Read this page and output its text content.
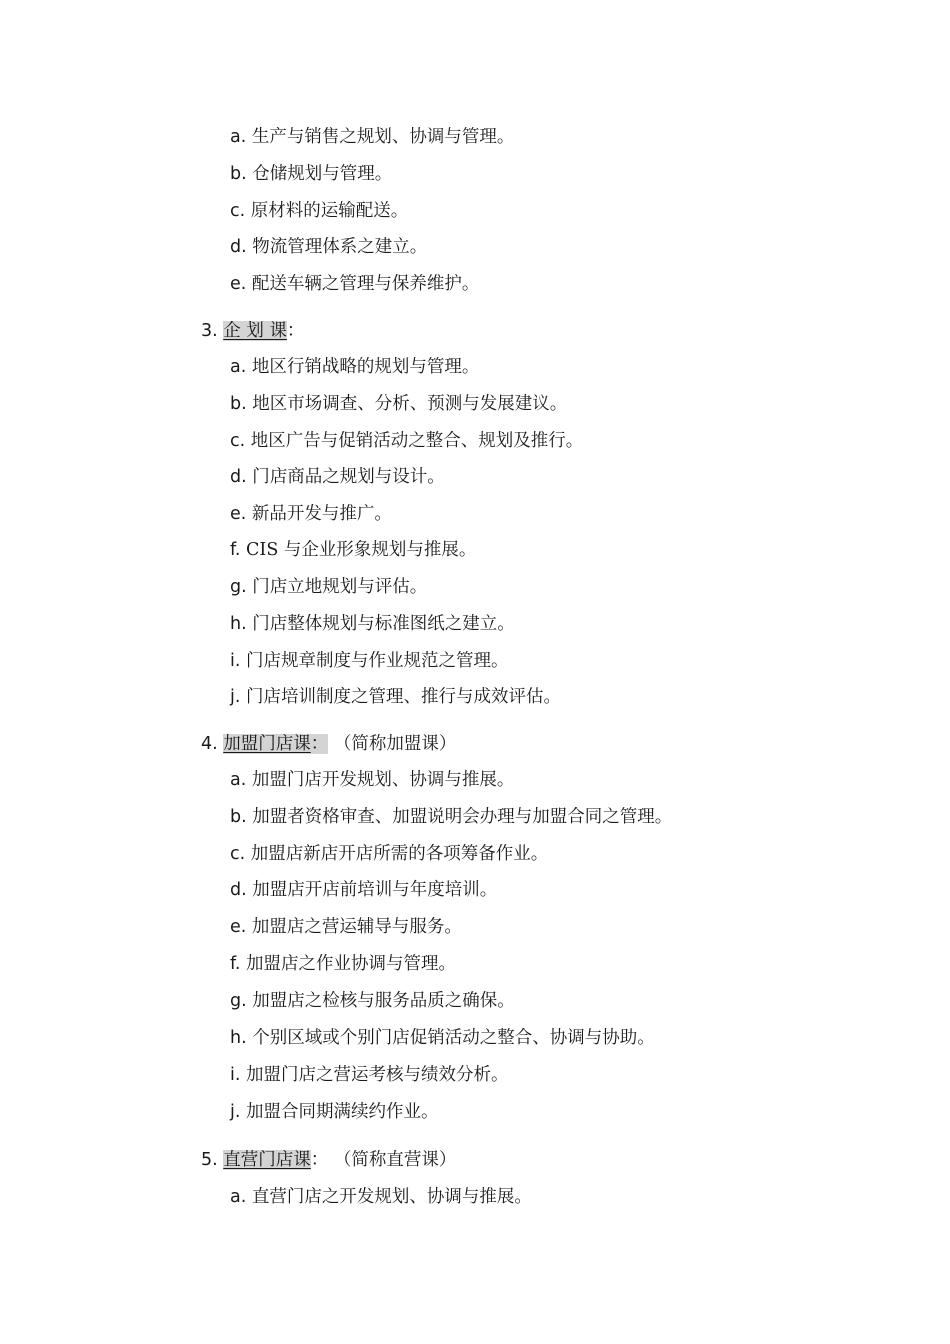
a. 生产与销售之规划、协调与管理。
b. 仓储规划与管理。
c. 原材料的运输配送。
d. 物流管理体系之建立。
e. 配送车辆之管理与保养维护。
3. 企 划 课：
a. 地区行销战略的规划与管理。
b. 地区市场调查、分析、预测与发展建议。
c. 地区广告与促销活动之整合、规划及推行。
d. 门店商品之规划与设计。
e. 新品开发与推广。
f. CIS 与企业形象规划与推展。
g. 门店立地规划与评估。
h. 门店整体规划与标准图纸之建立。
i. 门店规章制度与作业规范之管理。
j. 门店培训制度之管理、推行与成效评估。
4. 加盟门店课： （简称加盟课）
a. 加盟门店开发规划、协调与推展。
b. 加盟者资格审查、加盟说明会办理与加盟合同之管理。
c. 加盟店新店开店所需的各项筹备作业。
d. 加盟店开店前培训与年度培训。
e. 加盟店之营运辅导与服务。
f. 加盟店之作业协调与管理。
g. 加盟店之检核与服务品质之确保。
h. 个别区域或个别门店促销活动之整合、协调与协助。
i. 加盟门店之营运考核与绩效分析。
j. 加盟合同期满续约作业。
5. 直营门店课： （简称直营课）
a. 直营门店之开发规划、协调与推展。
